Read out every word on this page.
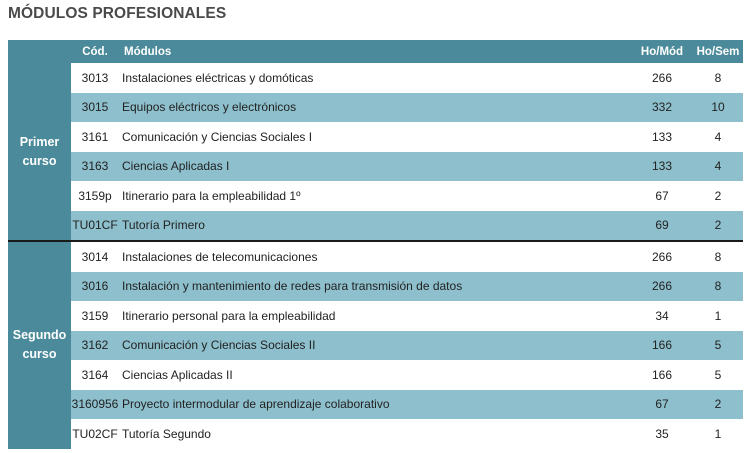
MÓDULOS PROFESIONALES
	Cód.	Módulos	Ho/Mód	Ho/Sem

Primer
curso	3013	Instalaciones eléctricas y domóticas	266	8
	3015	Equipos eléctricos y electrónicos	332	10
	3161	Comunicación y Ciencias Sociales I	133	4
	3163	Ciencias Aplicadas I	133	4
	3159p	Itinerario para la empleabilidad 1º	67	2
	TU01CF	Tutoría Primero	69	2

Segundo
curso	3014	Instalaciones de telecomunicaciones	266	8
	3016	Instalación y mantenimiento de redes para transmisión de datos	266	8
	3159	Itinerario personal para la empleabilidad	34	1
	3162	Comunicación y Ciencias Sociales II	166	5
	3164	Ciencias Aplicadas II	166	5
	3160956	Proyecto intermodular de aprendizaje colaborativo	67	2
	TU02CF	Tutoría Segundo	35	1
